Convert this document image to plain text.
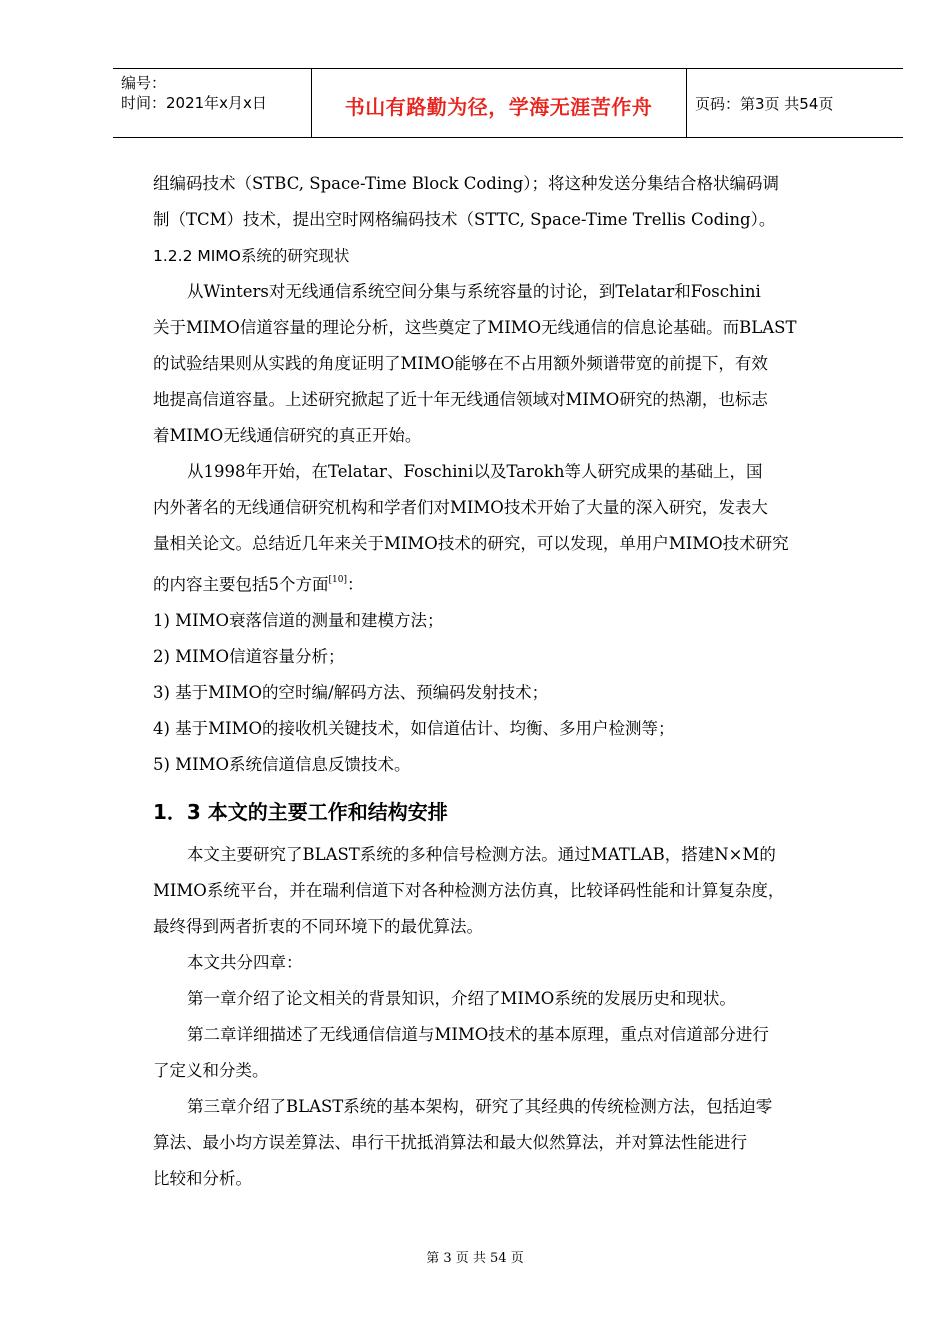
编号：
时间：2021年x月x日	书山有路勤为径，学海无涯苦作舟	页码：第3页 共54页
组编码技术（STBC, Space-Time Block Coding）；将这种发送分集结合格状编码调
制（TCM）技术，提出空时网格编码技术（STTC, Space-Time Trellis Coding）。
1.2.2 MIMO系统的研究现状
从Winters对无线通信系统空间分集与系统容量的讨论，到Telatar和Foschini
关于MIMO信道容量的理论分析，这些奠定了MIMO无线通信的信息论基础。而BLAST
的试验结果则从实践的角度证明了MIMO能够在不占用额外频谱带宽的前提下，有效
地提高信道容量。上述研究掀起了近十年无线通信领域对MIMO研究的热潮，也标志
着MIMO无线通信研究的真正开始。
从1998年开始，在Telatar、Foschini以及Tarokh等人研究成果的基础上，国
内外著名的无线通信研究机构和学者们对MIMO技术开始了大量的深入研究，发表大
量相关论文。总结近几年来关于MIMO技术的研究，可以发现，单用户MIMO技术研究
的内容主要包括5个方面[10]：
1) MIMO衰落信道的测量和建模方法；
2) MIMO信道容量分析；
3) 基于MIMO的空时编/解码方法、预编码发射技术；
4) 基于MIMO的接收机关键技术，如信道估计、均衡、多用户检测等；
5) MIMO系统信道信息反馈技术。
1．3 本文的主要工作和结构安排
本文主要研究了BLAST系统的多种信号检测方法。通过MATLAB，搭建N×M的
MIMO系统平台，并在瑞利信道下对各种检测方法仿真，比较译码性能和计算复杂度，
最终得到两者折衷的不同环境下的最优算法。
本文共分四章：
第一章介绍了论文相关的背景知识，介绍了MIMO系统的发展历史和现状。
第二章详细描述了无线通信信道与MIMO技术的基本原理，重点对信道部分进行
了定义和分类。
第三章介绍了BLAST系统的基本架构，研究了其经典的传统检测方法，包括迫零
算法、最小均方误差算法、串行干扰抵消算法和最大似然算法，并对算法性能进行
比较和分析。
第 3 页 共 54 页
